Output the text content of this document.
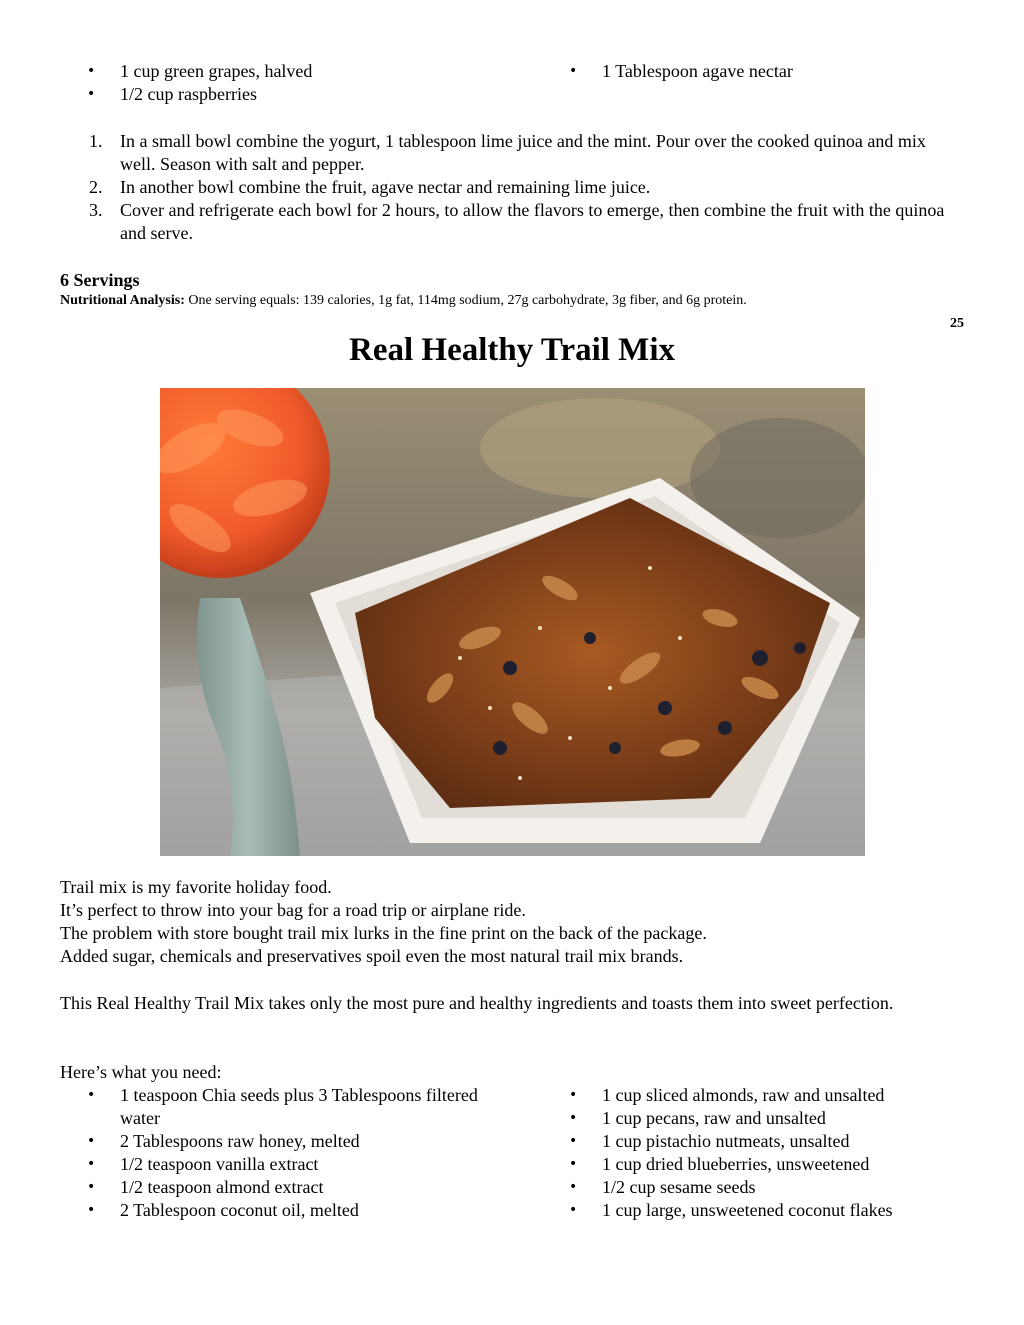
• 1 cup green grapes, halved
• 1/2 cup raspberries
• 1 Tablespoon agave nectar
1. In a small bowl combine the yogurt, 1 tablespoon lime juice and the mint. Pour over the cooked quinoa and mix well. Season with salt and pepper.
2. In another bowl combine the fruit, agave nectar and remaining lime juice.
3. Cover and refrigerate each bowl for 2 hours, to allow the flavors to emerge, then combine the fruit with the quinoa and serve.
6 Servings
Nutritional Analysis: One serving equals: 139 calories, 1g fat, 114mg sodium, 27g carbohydrate, 3g fiber, and 6g protein.
25
Real Healthy Trail Mix

Trail mix is my favorite holiday food.

It’s perfect to throw into your bag for a road trip or airplane ride.

The problem with store bought trail mix lurks in the fine print on the back of the package.

Added sugar, chemicals and preservatives spoil even the most natural trail mix brands.

This Real Healthy Trail Mix takes only the most pure and healthy ingredients and toasts them into sweet perfection.

Here’s what you need:
• 1 teaspoon Chia seeds plus 3 Tablespoons filtered water
• 2 Tablespoons raw honey, melted
• 1/2 teaspoon vanilla extract
• 1/2 teaspoon almond extract
• 2 Tablespoon coconut oil, melted
• 1 cup sliced almonds, raw and unsalted
• 1 cup pecans, raw and unsalted
• 1 cup pistachio nutmeats, unsalted
• 1 cup dried blueberries, unsweetened
• 1/2 cup sesame seeds
• 1 cup large, unsweetened coconut flakes
